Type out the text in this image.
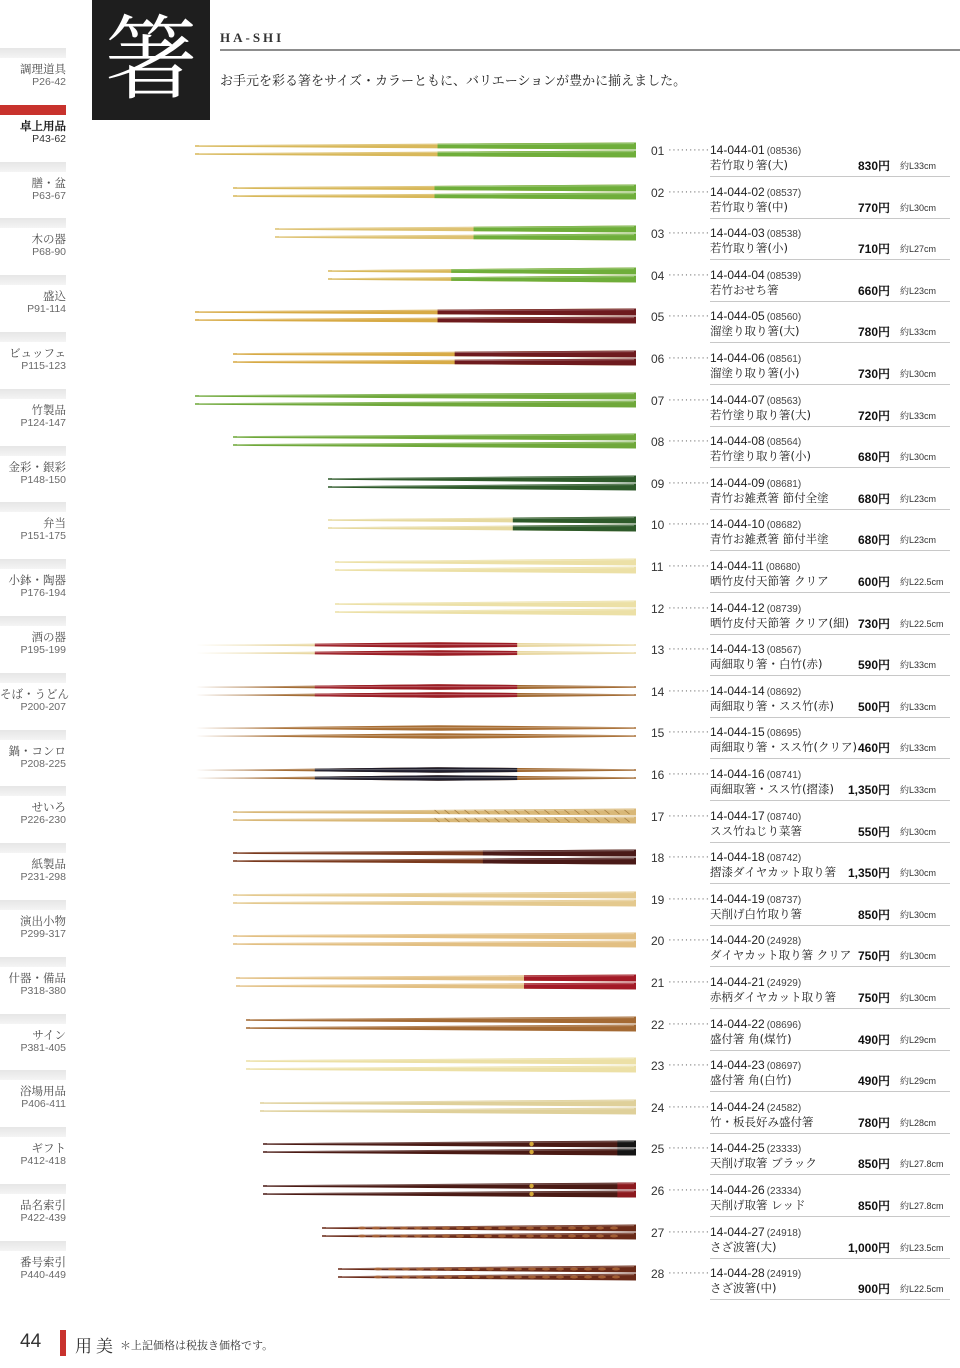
調理道具
P26-42
卓上用品
P43-62
膳・盆
P63-67
木の器
P68-90
盛込
P91-114
ビュッフェ
P115-123
竹製品
P124-147
金彩・銀彩
P148-150
弁当
P151-175
小鉢・陶器
P176-194
酒の器
P195-199
そば・うどん
P200-207
鍋・コンロ
P208-225
せいろ
P226-230
紙製品
P231-298
演出小物
P299-317
什器・備品
P318-380
サイン
P381-405
浴場用品
P406-411
ギフト
P412-418
品名索引
P422-439
番号索引
P440-449
箸 HA-SHI
お手元を彩る箸をサイズ・カラーともに、バリエーションが豊かに揃えました。
01 ·········· 14-044-01 (08536)
若竹取り箸(大)	830円 約L33cm
02 ·········· 14-044-02 (08537)
若竹取り箸(中)	770円 約L30cm
03 ·········· 14-044-03 (08538)
若竹取り箸(小)	710円 約L27cm
04 ·········· 14-044-04 (08539)
若竹おせち箸	660円 約L23cm
05 ·········· 14-044-05 (08560)
溜塗り取り箸(大)	780円 約L33cm
06 ·········· 14-044-06 (08561)
溜塗り取り箸(小)	730円 約L30cm
07 ·········· 14-044-07 (08563)
若竹塗り取り箸(大)	720円 約L33cm
08 ·········· 14-044-08 (08564)
若竹塗り取り箸(小)	680円 約L30cm
09 ·········· 14-044-09 (08681)
青竹お雑煮箸 節付全塗 680円 約L23cm
10 ·········· 14-044-10 (08682)
青竹お雑煮箸 節付半塗 680円 約L23cm
11 ·········· 14-044-11 (08680)
晒竹皮付天節箸 クリア 600円 約L22.5cm
12 ·········· 14-044-12 (08739)
晒竹皮付天節箸 クリア(細) 730円 約L22.5cm
13 ·········· 14-044-13 (08567)
両細取り箸・白竹(赤)	590円 約L33cm
14 ·········· 14-044-14 (08692)
両細取り箸・スス竹(赤) 500円 約L33cm
15 ·········· 14-044-15 (08695)
両細取り箸・スス竹(クリア) 460円 約L33cm
16 ·········· 14-044-16 (08741)
両細取箸・スス竹(摺漆) 1,350円 約L33cm
17 ·········· 14-044-17 (08740)
スス竹ねじり菜箸	550円 約L30cm
18 ·········· 14-044-18 (08742)
摺漆ダイヤカット取り箸 1,350円 約L30cm
19 ·········· 14-044-19 (08737)
天削げ白竹取り箸	850円 約L30cm
20 ·········· 14-044-20 (24928)
ダイヤカット取り箸 クリア 750円 約L30cm
21 ·········· 14-044-21 (24929)
赤柄ダイヤカット取り箸 750円 約L30cm
22 ·········· 14-044-22 (08696)
盛付箸 角(煤竹)	490円 約L29cm
23 ·········· 14-044-23 (08697)
盛付箸 角(白竹)	490円 約L29cm
24 ·········· 14-044-24 (24582)
竹・板長好み盛付箸	780円 約L28cm
25 ·········· 14-044-25 (23333)
天削げ取箸 ブラック	850円 約L27.8cm
26 ·········· 14-044-26 (23334)
天削げ取箸 レッド	850円 約L27.8cm
27 ·········· 14-044-27 (24918)
さざ波箸(大)	1,000円 約L23.5cm
28 ·········· 14-044-28 (24919)
さざ波箸(中)	900円 約L22.5cm
44 用美 ＊上記価格は税抜き価格です。
